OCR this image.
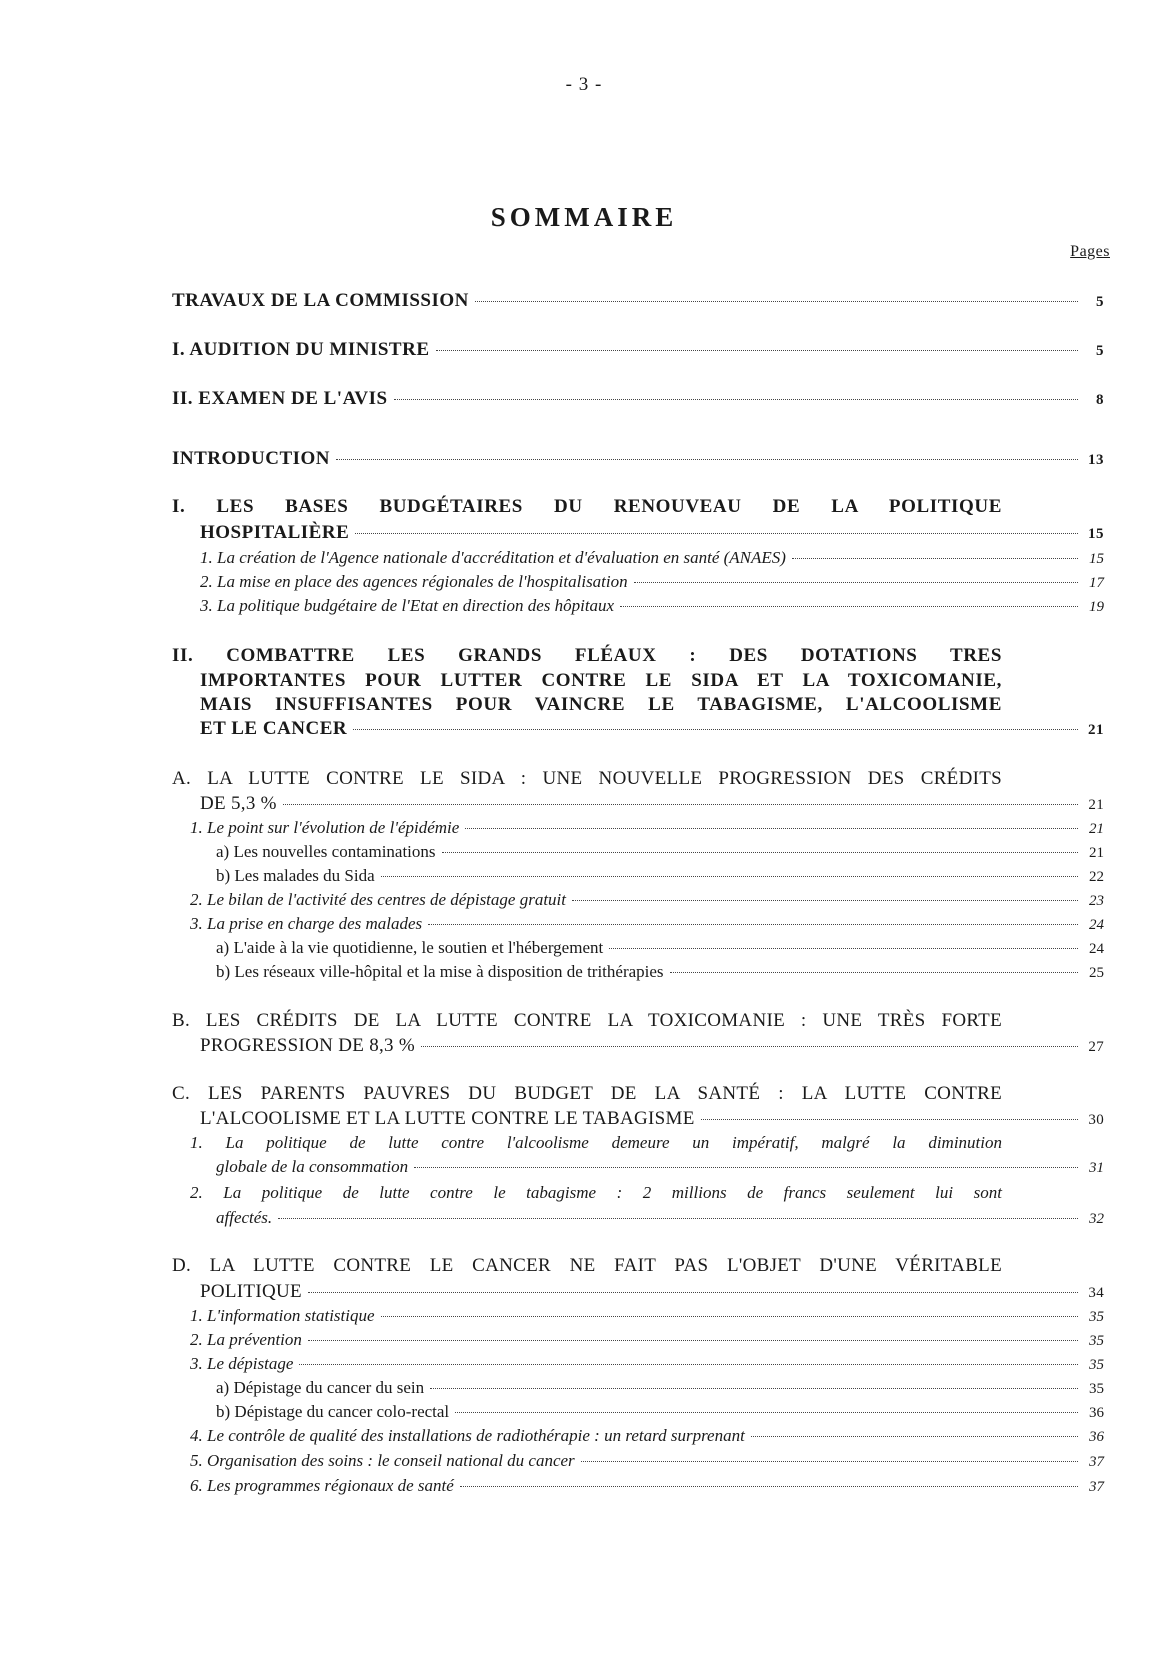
- 3 -
SOMMAIRE
Pages
TRAVAUX DE LA COMMISSION	5
I. AUDITION DU MINISTRE	5
II. EXAMEN DE L'AVIS	8
INTRODUCTION	13
I. LES BASES BUDGÉTAIRES DU RENOUVEAU DE LA POLITIQUE
HOSPITALIÈRE	15
1. La création de l'Agence nationale d'accréditation et d'évaluation en santé (ANAES)	15
2. La mise en place des agences régionales de l'hospitalisation	17
3. La politique budgétaire de l'Etat en direction des hôpitaux	19
II. COMBATTRE LES GRANDS FLÉAUX : DES DOTATIONS TRES
IMPORTANTES POUR LUTTER CONTRE LE SIDA ET LA TOXICOMANIE,
MAIS INSUFFISANTES POUR VAINCRE LE TABAGISME, L'ALCOOLISME
ET LE CANCER	21
A. LA LUTTE CONTRE LE SIDA : UNE NOUVELLE PROGRESSION DES CRÉDITS
DE 5,3 %	21
1. Le point sur l'évolution de l'épidémie	21
a) Les nouvelles contaminations	21
b) Les malades du Sida	22
2. Le bilan de l'activité des centres de dépistage gratuit	23
3. La prise en charge des malades	24
a) L'aide à la vie quotidienne, le soutien et l'hébergement	24
b) Les réseaux ville-hôpital et la mise à disposition de trithérapies	25
B. LES CRÉDITS DE LA LUTTE CONTRE LA TOXICOMANIE : UNE TRÈS FORTE
PROGRESSION DE 8,3 %	27
C. LES PARENTS PAUVRES DU BUDGET DE LA SANTÉ : LA LUTTE CONTRE
L'ALCOOLISME ET LA LUTTE CONTRE LE TABAGISME	30
1. La politique de lutte contre l'alcoolisme demeure un impératif, malgré la diminution
globale de la consommation	31
2. La politique de lutte contre le tabagisme : 2 millions de francs seulement lui sont
affectés.	32
D. LA LUTTE CONTRE LE CANCER NE FAIT PAS L'OBJET D'UNE VÉRITABLE
POLITIQUE	34
1. L'information statistique	35
2. La prévention	35
3. Le dépistage	35
a) Dépistage du cancer du sein	35
b) Dépistage du cancer colo-rectal	36
4. Le contrôle de qualité des installations de radiothérapie : un retard surprenant	36
5. Organisation des soins : le conseil national du cancer	37
6. Les programmes régionaux de santé	37
